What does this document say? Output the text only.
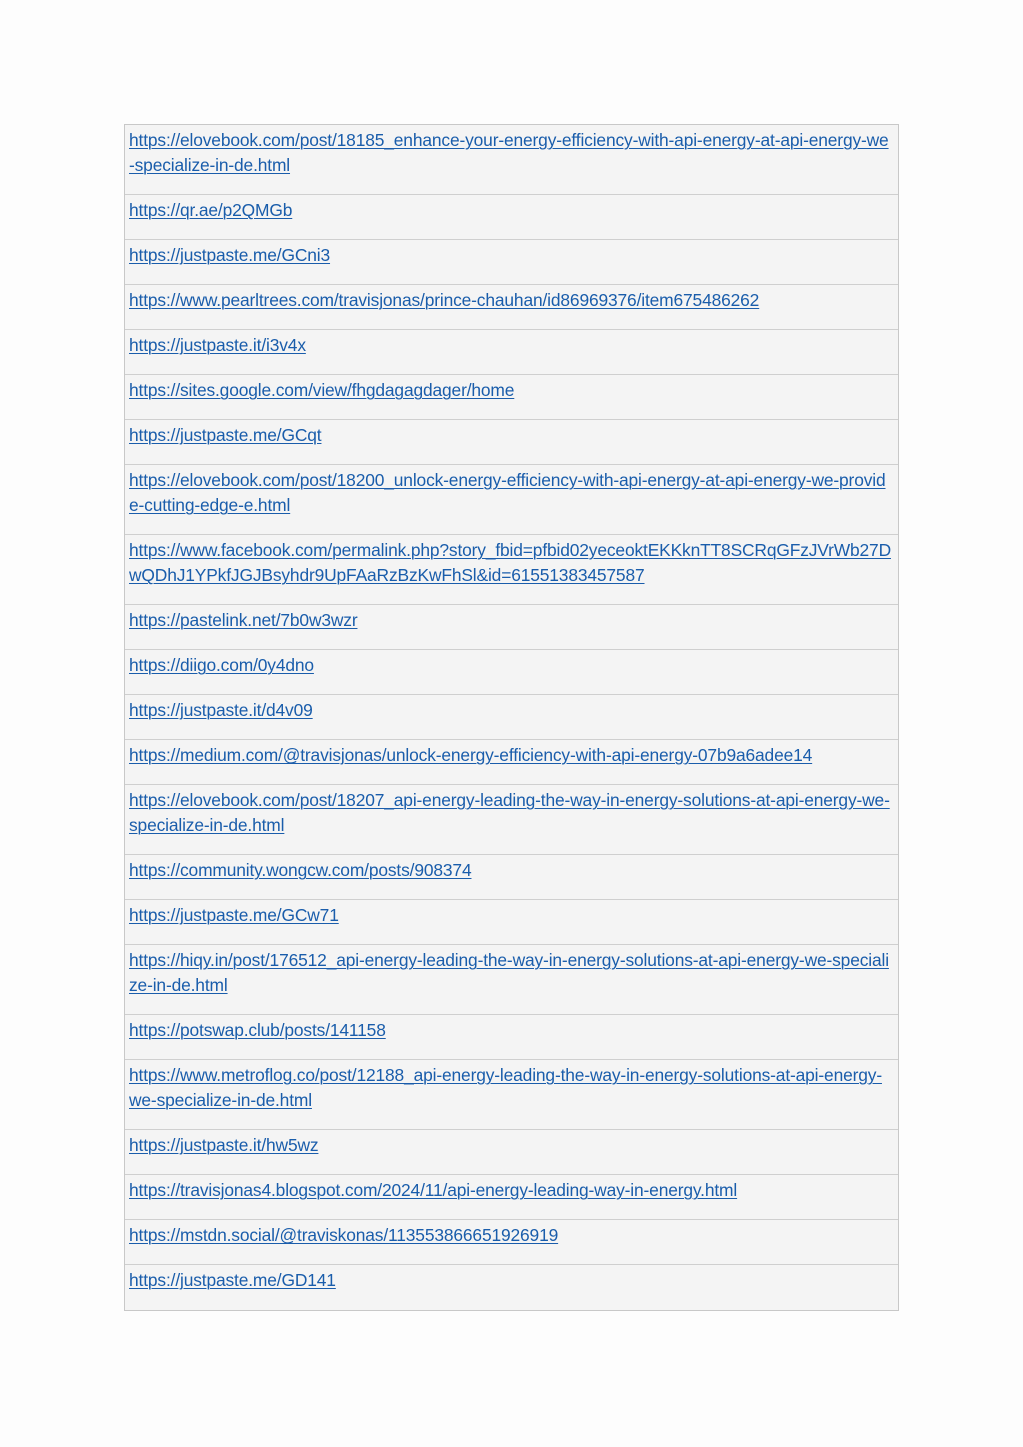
https://elovebook.com/post/18185_enhance-your-energy-efficiency-with-api-energy-at-api-energy-we-specialize-in-de.html
https://qr.ae/p2QMGb
https://justpaste.me/GCni3
https://www.pearltrees.com/travisjonas/prince-chauhan/id86969376/item675486262
https://justpaste.it/i3v4x
https://sites.google.com/view/fhgdagagdager/home
https://justpaste.me/GCqt
https://elovebook.com/post/18200_unlock-energy-efficiency-with-api-energy-at-api-energy-we-provide-cutting-edge-e.html
https://www.facebook.com/permalink.php?story_fbid=pfbid02yeceoktEKKknTT8SCRqGFzJVrWb27DwQDhJ1YPkfJGJBsyhdr9UpFAaRzBzKwFhSl&id=61551383457587
https://pastelink.net/7b0w3wzr
https://diigo.com/0y4dno
https://justpaste.it/d4v09
https://medium.com/@travisjonas/unlock-energy-efficiency-with-api-energy-07b9a6adee14
https://elovebook.com/post/18207_api-energy-leading-the-way-in-energy-solutions-at-api-energy-we-specialize-in-de.html
https://community.wongcw.com/posts/908374
https://justpaste.me/GCw71
https://hiqy.in/post/176512_api-energy-leading-the-way-in-energy-solutions-at-api-energy-we-specialize-in-de.html
https://potswap.club/posts/141158
https://www.metroflog.co/post/12188_api-energy-leading-the-way-in-energy-solutions-at-api-energy-we-specialize-in-de.html
https://justpaste.it/hw5wz
https://travisjonas4.blogspot.com/2024/11/api-energy-leading-way-in-energy.html
https://mstdn.social/@traviskonas/113553866651926919
https://justpaste.me/GD141
